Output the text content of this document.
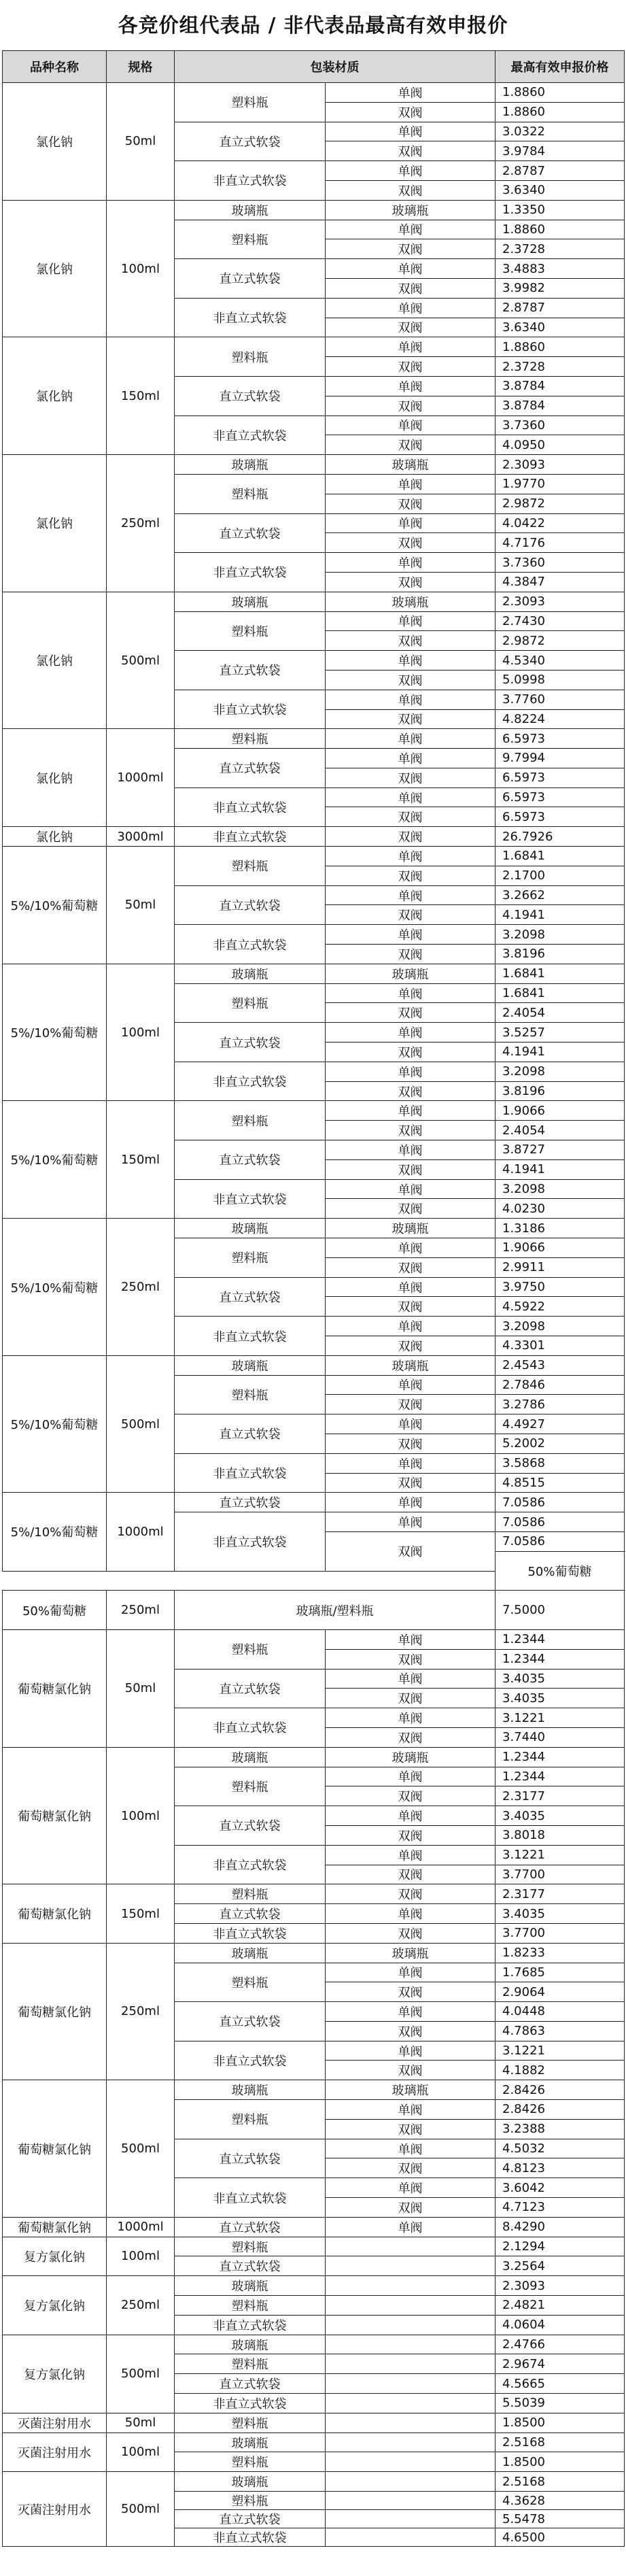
各竞价组代表品 / 非代表品最高有效申报价
品种名称	规格	包装材质		最高有效申报价格	
氯化钠	50ml	塑料瓶	单阀	1.8860	
			双阀	1.8860	
		直立式软袋	单阀	3.0322	
			双阀	3.9784	
		非直立式软袋	单阀	2.8787	
			双阀	3.6340	
氯化钠	100ml	玻璃瓶	玻璃瓶	1.3350	
		塑料瓶	单阀	1.8860	
			双阀	2.3728	
		直立式软袋	单阀	3.4883	
			双阀	3.9982	
		非直立式软袋	单阀	2.8787	
			双阀	3.6340	
氯化钠	150ml	塑料瓶	单阀	1.8860	
			双阀	2.3728	
		直立式软袋	单阀	3.8784	
			双阀	3.8784	
		非直立式软袋	单阀	3.7360	
			双阀	4.0950	
氯化钠	250ml	玻璃瓶	玻璃瓶	2.3093	
		塑料瓶	单阀	1.9770	
			双阀	2.9872	
		直立式软袋	单阀	4.0422	
			双阀	4.7176	
		非直立式软袋	单阀	3.7360	
			双阀	4.3847	
氯化钠	500ml	玻璃瓶	玻璃瓶	2.3093	
		塑料瓶	单阀	2.7430	
			双阀	2.9872	
		直立式软袋	单阀	4.5340	
			双阀	5.0998	
		非直立式软袋	单阀	3.7760	
			双阀	4.8224	
氯化钠	1000ml	塑料瓶	单阀	6.5973	
		直立式软袋	单阀	9.7994	
			双阀	6.5973	
		非直立式软袋	单阀	6.5973	
			双阀	6.5973	
氯化钠	3000ml	非直立式软袋	双阀	26.7926	
5%/10%葡萄糖	50ml	塑料瓶	单阀	1.6841	
			双阀	2.1700	
		直立式软袋	单阀	3.2662	
			双阀	4.1941	
		非直立式软袋	单阀	3.2098	
			双阀	3.8196	
5%/10%葡萄糖	100ml	玻璃瓶	玻璃瓶	1.6841	
		塑料瓶	单阀	1.6841	
			双阀	2.4054	
		直立式软袋	单阀	3.5257	
			双阀	4.1941	
		非直立式软袋	单阀	3.2098	
			双阀	3.8196	
5%/10%葡萄糖	150ml	塑料瓶	单阀	1.9066	
			双阀	2.4054	
		直立式软袋	单阀	3.8727	
			双阀	4.1941	
		非直立式软袋	单阀	3.2098	
			双阀	4.0230	
5%/10%葡萄糖	250ml	玻璃瓶	玻璃瓶	1.3186	
		塑料瓶	单阀	1.9066	
			双阀	2.9911	
		直立式软袋	单阀	3.9750	
			双阀	4.5922	
		非直立式软袋	单阀	3.2098	
			双阀	4.3301	
5%/10%葡萄糖	500ml	玻璃瓶	玻璃瓶	2.4543	
		塑料瓶	单阀	2.7846	
			双阀	3.2786	
		直立式软袋	单阀	4.4927	
			双阀	5.2002	
		非直立式软袋	单阀	3.5868	
			双阀	4.8515	
5%/10%葡萄糖	1000ml	直立式软袋	单阀	7.0586	
		非直立式软袋	单阀	7.0586	
			双阀	7.0586	
				50%葡萄糖			

50%葡萄糖	250ml	玻璃瓶/塑料瓶		7.5000	

葡萄糖氯化钠	50ml	塑料瓶	单阀	1.2344	
			双阀	1.2344	
		直立式软袋	单阀	3.4035	
			双阀	3.4035	
		非直立式软袋	单阀	3.1221	
			双阀	3.7440	
葡萄糖氯化钠	100ml	玻璃瓶	玻璃瓶	1.2344	
		塑料瓶	单阀	1.2344	
			双阀	2.3177	
		直立式软袋	单阀	3.4035	
			双阀	3.8018	
		非直立式软袋	单阀	3.1221	
			双阀	3.7700	
葡萄糖氯化钠	150ml	塑料瓶	双阀	2.3177	
		直立式软袋	单阀	3.4035	
		非直立式软袋	双阀	3.7700	
葡萄糖氯化钠	250ml	玻璃瓶	玻璃瓶	1.8233	
		塑料瓶	单阀	1.7685	
			双阀	2.9064	
		直立式软袋	单阀	4.0448	
			双阀	4.7863	
		非直立式软袋	单阀	3.1221	
			双阀	4.1882	
葡萄糖氯化钠	500ml	玻璃瓶	玻璃瓶	2.8426	
		塑料瓶	单阀	2.8426	
			双阀	3.2388	
		直立式软袋	单阀	4.5032	
			双阀	4.8123	
		非直立式软袋	单阀	3.6042	
			双阀	4.7123	
葡萄糖氯化钠	1000ml	直立式软袋	单阀	8.4290	
复方氯化钠	100ml	塑料瓶		2.1294	
		直立式软袋		3.2564	
复方氯化钠	250ml	玻璃瓶		2.3093	
		塑料瓶		2.4821	
		非直立式软袋		4.0604	
复方氯化钠	500ml	玻璃瓶		2.4766	
		塑料瓶		2.9674	
		直立式软袋		4.5665	
		非直立式软袋		5.5039	
灭菌注射用水	50ml	塑料瓶		1.8500	
灭菌注射用水	100ml	玻璃瓶		2.5168	
		塑料瓶		1.8500	
灭菌注射用水	500ml	玻璃瓶		2.5168	
		塑料瓶		4.3628	
		直立式软袋		5.5478	
		非直立式软袋		4.6500	
